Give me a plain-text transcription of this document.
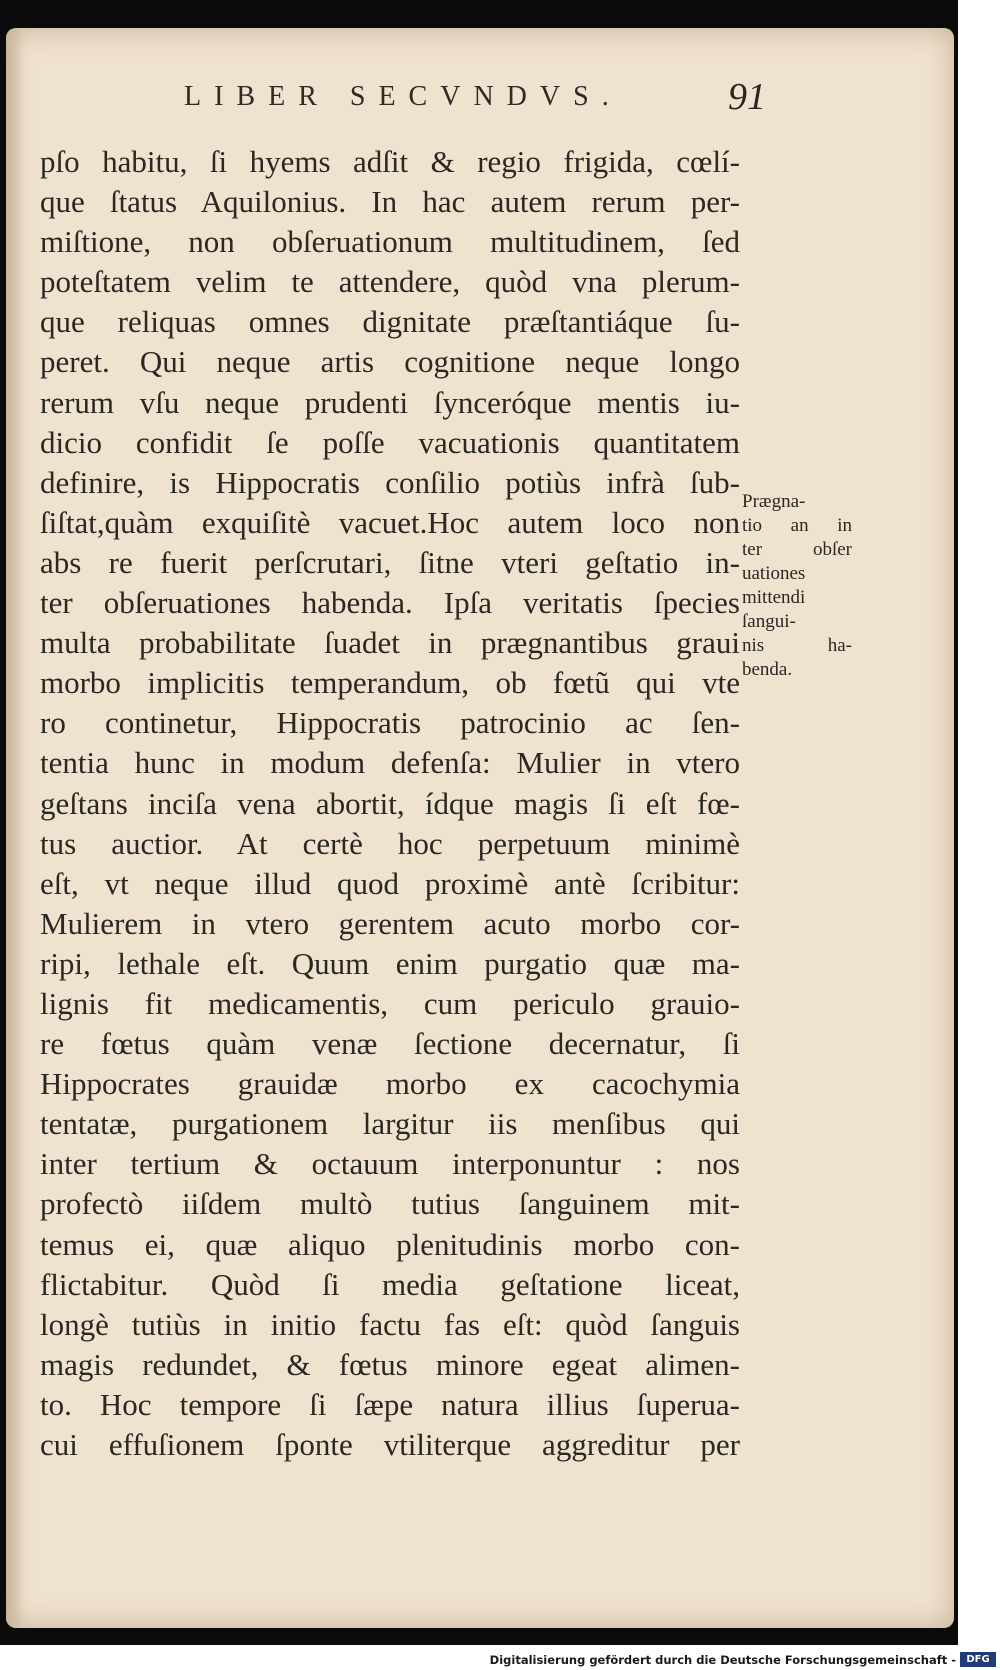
LIBER SECVNDVS.	91
pſo habitu, ſi hyems adſit & regio frigida, cœlí-
que ſtatus Aquilonius. In hac autem rerum per-
miſtione, non obſeruationum multitudinem, ſed
poteſtatem velim te attendere, quòd vna plerum-
que reliquas omnes dignitate præſtantiáque ſu-
peret. Qui neque artis cognitione neque longo
rerum vſu neque prudenti ſynceróque mentis iu-
dicio confidit ſe poſſe vacuationis quantitatem
definire, is Hippocratis conſilio potiùs infrà ſub-
ſiſtat,quàm exquiſitè vacuet.Hoc autem loco non
abs re fuerit perſcrutari, ſitne vteri geſtatio in-
ter obſeruationes habenda. Ipſa veritatis ſpecies
multa probabilitate ſuadet in prægnantibus graui
morbo implicitis temperandum, ob fœtũ qui vte
ro continetur, Hippocratis patrocinio ac ſen-
tentia hunc in modum defenſa: Mulier in vtero
geſtans inciſa vena abortit, ídque magis ſi eſt fœ-
tus auctior. At certè hoc perpetuum minimè
eſt, vt neque illud quod proximè antè ſcribitur:
Mulierem in vtero gerentem acuto morbo cor-
ripi, lethale eſt. Quum enim purgatio quæ ma-
lignis fit medicamentis, cum periculo grauio-
re fœtus quàm venæ ſectione decernatur, ſi
Hippocrates grauidæ morbo ex cacochymia
tentatæ, purgationem largitur iis menſibus qui
inter tertium & octauum interponuntur : nos
profectò iiſdem multò tutius ſanguinem mit-
temus ei, quæ aliquo plenitudinis morbo con-
flictabitur. Quòd ſi media geſtatione liceat,
longè tutiùs in initio factu fas eſt: quòd ſanguis
magis redundet, & fœtus minore egeat alimen-
to. Hoc tempore ſi ſæpe natura illius ſuperua-
cui effuſionem ſponte vtiliterque aggreditur per
Prægna-
tio an in
ter obſer
uationes
mittendi
ſangui-
nis ha-
benda.
Digitalisierung gefördert durch die Deutsche Forschungsgemeinschaft -	DFG
